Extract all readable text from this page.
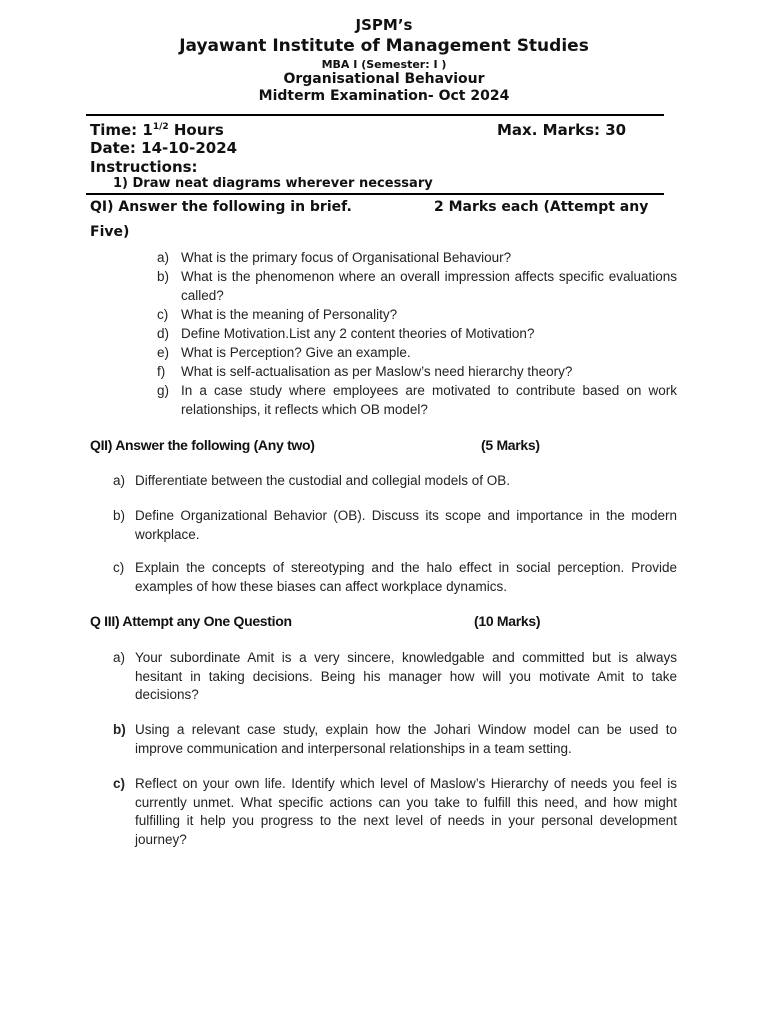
JSPM’s
Jayawant Institute of Management Studies
MBA I (Semester: I )
Organisational Behaviour
Midterm Examination- Oct 2024
Time: $1^{1/2}$ Hours	Max. Marks: 30
Date: 14-10-2024
Instructions:
1) Draw neat diagrams wherever necessary
QI) Answer the following in brief.	2 Marks each (Attempt any
Five)
a) What is the primary focus of Organisational Behaviour?
b) What is the phenomenon where an overall impression affects specific evaluations called?
c) What is the meaning of Personality?
d) Define Motivation.List any 2 content theories of Motivation?
e) What is Perception? Give an example.
f) What is self-actualisation as per Maslow’s need hierarchy theory?
g) In a case study where employees are motivated to contribute based on work relationships, it reflects which OB model?
QII) Answer the following (Any two)	(5 Marks)
a) Differentiate between the custodial and collegial models of OB.
b) Define Organizational Behavior (OB). Discuss its scope and importance in the modern workplace.
c) Explain the concepts of stereotyping and the halo effect in social perception. Provide examples of how these biases can affect workplace dynamics.
Q III) Attempt any One Question	(10 Marks)
a) Your subordinate Amit is a very sincere, knowledgable and committed but is always hesitant in taking decisions. Being his manager how will you motivate Amit to take decisions?
b) Using a relevant case study, explain how the Johari Window model can be used to improve communication and interpersonal relationships in a team setting.
c) Reflect on your own life. Identify which level of Maslow’s Hierarchy of needs you feel is currently unmet. What specific actions can you take to fulfill this need, and how might fulfilling it help you progress to the next level of needs in your personal development journey?
